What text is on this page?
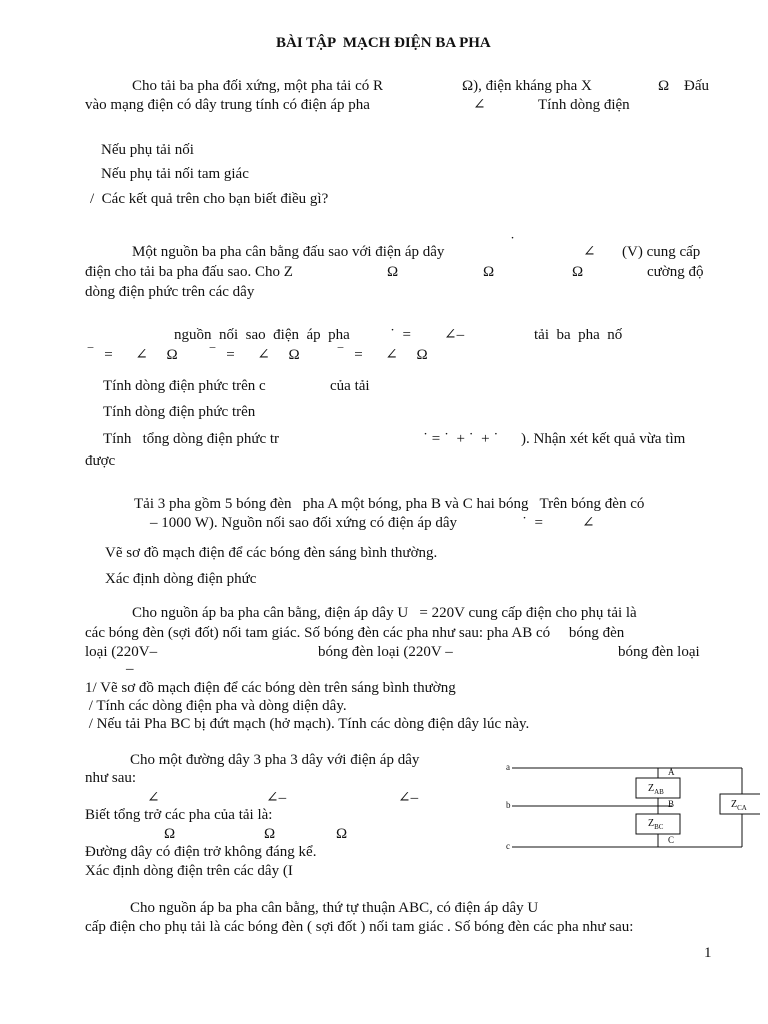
BÀI TẬP  MẠCH ĐIỆN BA PHA
Cho tải ba pha đối xứng, một pha tải có R	Ω), điện kháng pha X	Ω Đấu
vào mạng điện có dây trung tính có điện áp pha	∠	Tính dòng điện
Nếu phụ tải nối
Nếu phụ tải nối tam giác
/  Các kết quả trên cho bạn biết điều gì?
Một nguồn ba pha cân bằng đấu sao với điện áp dây
˙
∠ (V) cung cấp
điện cho tải ba pha đấu sao. Cho Z	Ω	Ω	Ω	cường độ
dòng điện phức trên các dây
nguồn  nối  sao  điện  áp  pha	˙  = ∠–	tải  ba  pha  nố
‾   =      ∠     Ω ‾   =      ∠     Ω	‾   =      ∠     Ω
Tính dòng điện phức trên c	của tải
Tính dòng điện phức trên
Tính   tổng dòng điện phức tr	˙ = ˙  + ˙  + ˙ ). Nhận xét kết quả vừa tìm
được
Tải 3 pha gồm 5 bóng đèn   pha A một bóng, pha B và C hai bóng   Trên bóng đèn có
– 1000 W). Nguồn nối sao đối xứng có điện áp dây	˙  =	∠
Vẽ sơ đồ mạch điện để các bóng đèn sáng bình thường.
Xác định dòng điện phức
Cho nguồn áp ba pha cân bằng, điện áp dây U   = 220V cung cấp điện cho phụ tải là
các bóng đèn (sợi đốt) nối tam giác. Số bóng đèn các pha như sau: pha AB có     bóng đèn
loại (220V–	bóng đèn loại (220V –	bóng đèn loại
–
1/ Vẽ sơ đồ mạch điện để các bóng dèn trên sáng bình thường
/ Tính các dòng điện pha và dòng diện dây.
/ Nếu tải Pha BC bị đứt mạch (hở mạch). Tính các dòng điện dây lúc này.
Cho một đường dây 3 pha 3 dây với điện áp dây
như sau:
∠	∠–	∠–
Biết tổng trở các pha của tải là:
Ω	Ω	Ω
Đường dây có điện trở không đáng kể.
Xác định dòng điện trên các dây (I
a
b
c
A
B
C
$Z_{AB}$
$Z_{BC}$
$Z_{CA}$
Cho nguồn áp ba pha cân bằng, thứ tự thuận ABC, có điện áp dây U
cấp điện cho phụ tải là các bóng đèn ( sợi đốt ) nối tam giác . Số bóng đèn các pha như sau:
1
